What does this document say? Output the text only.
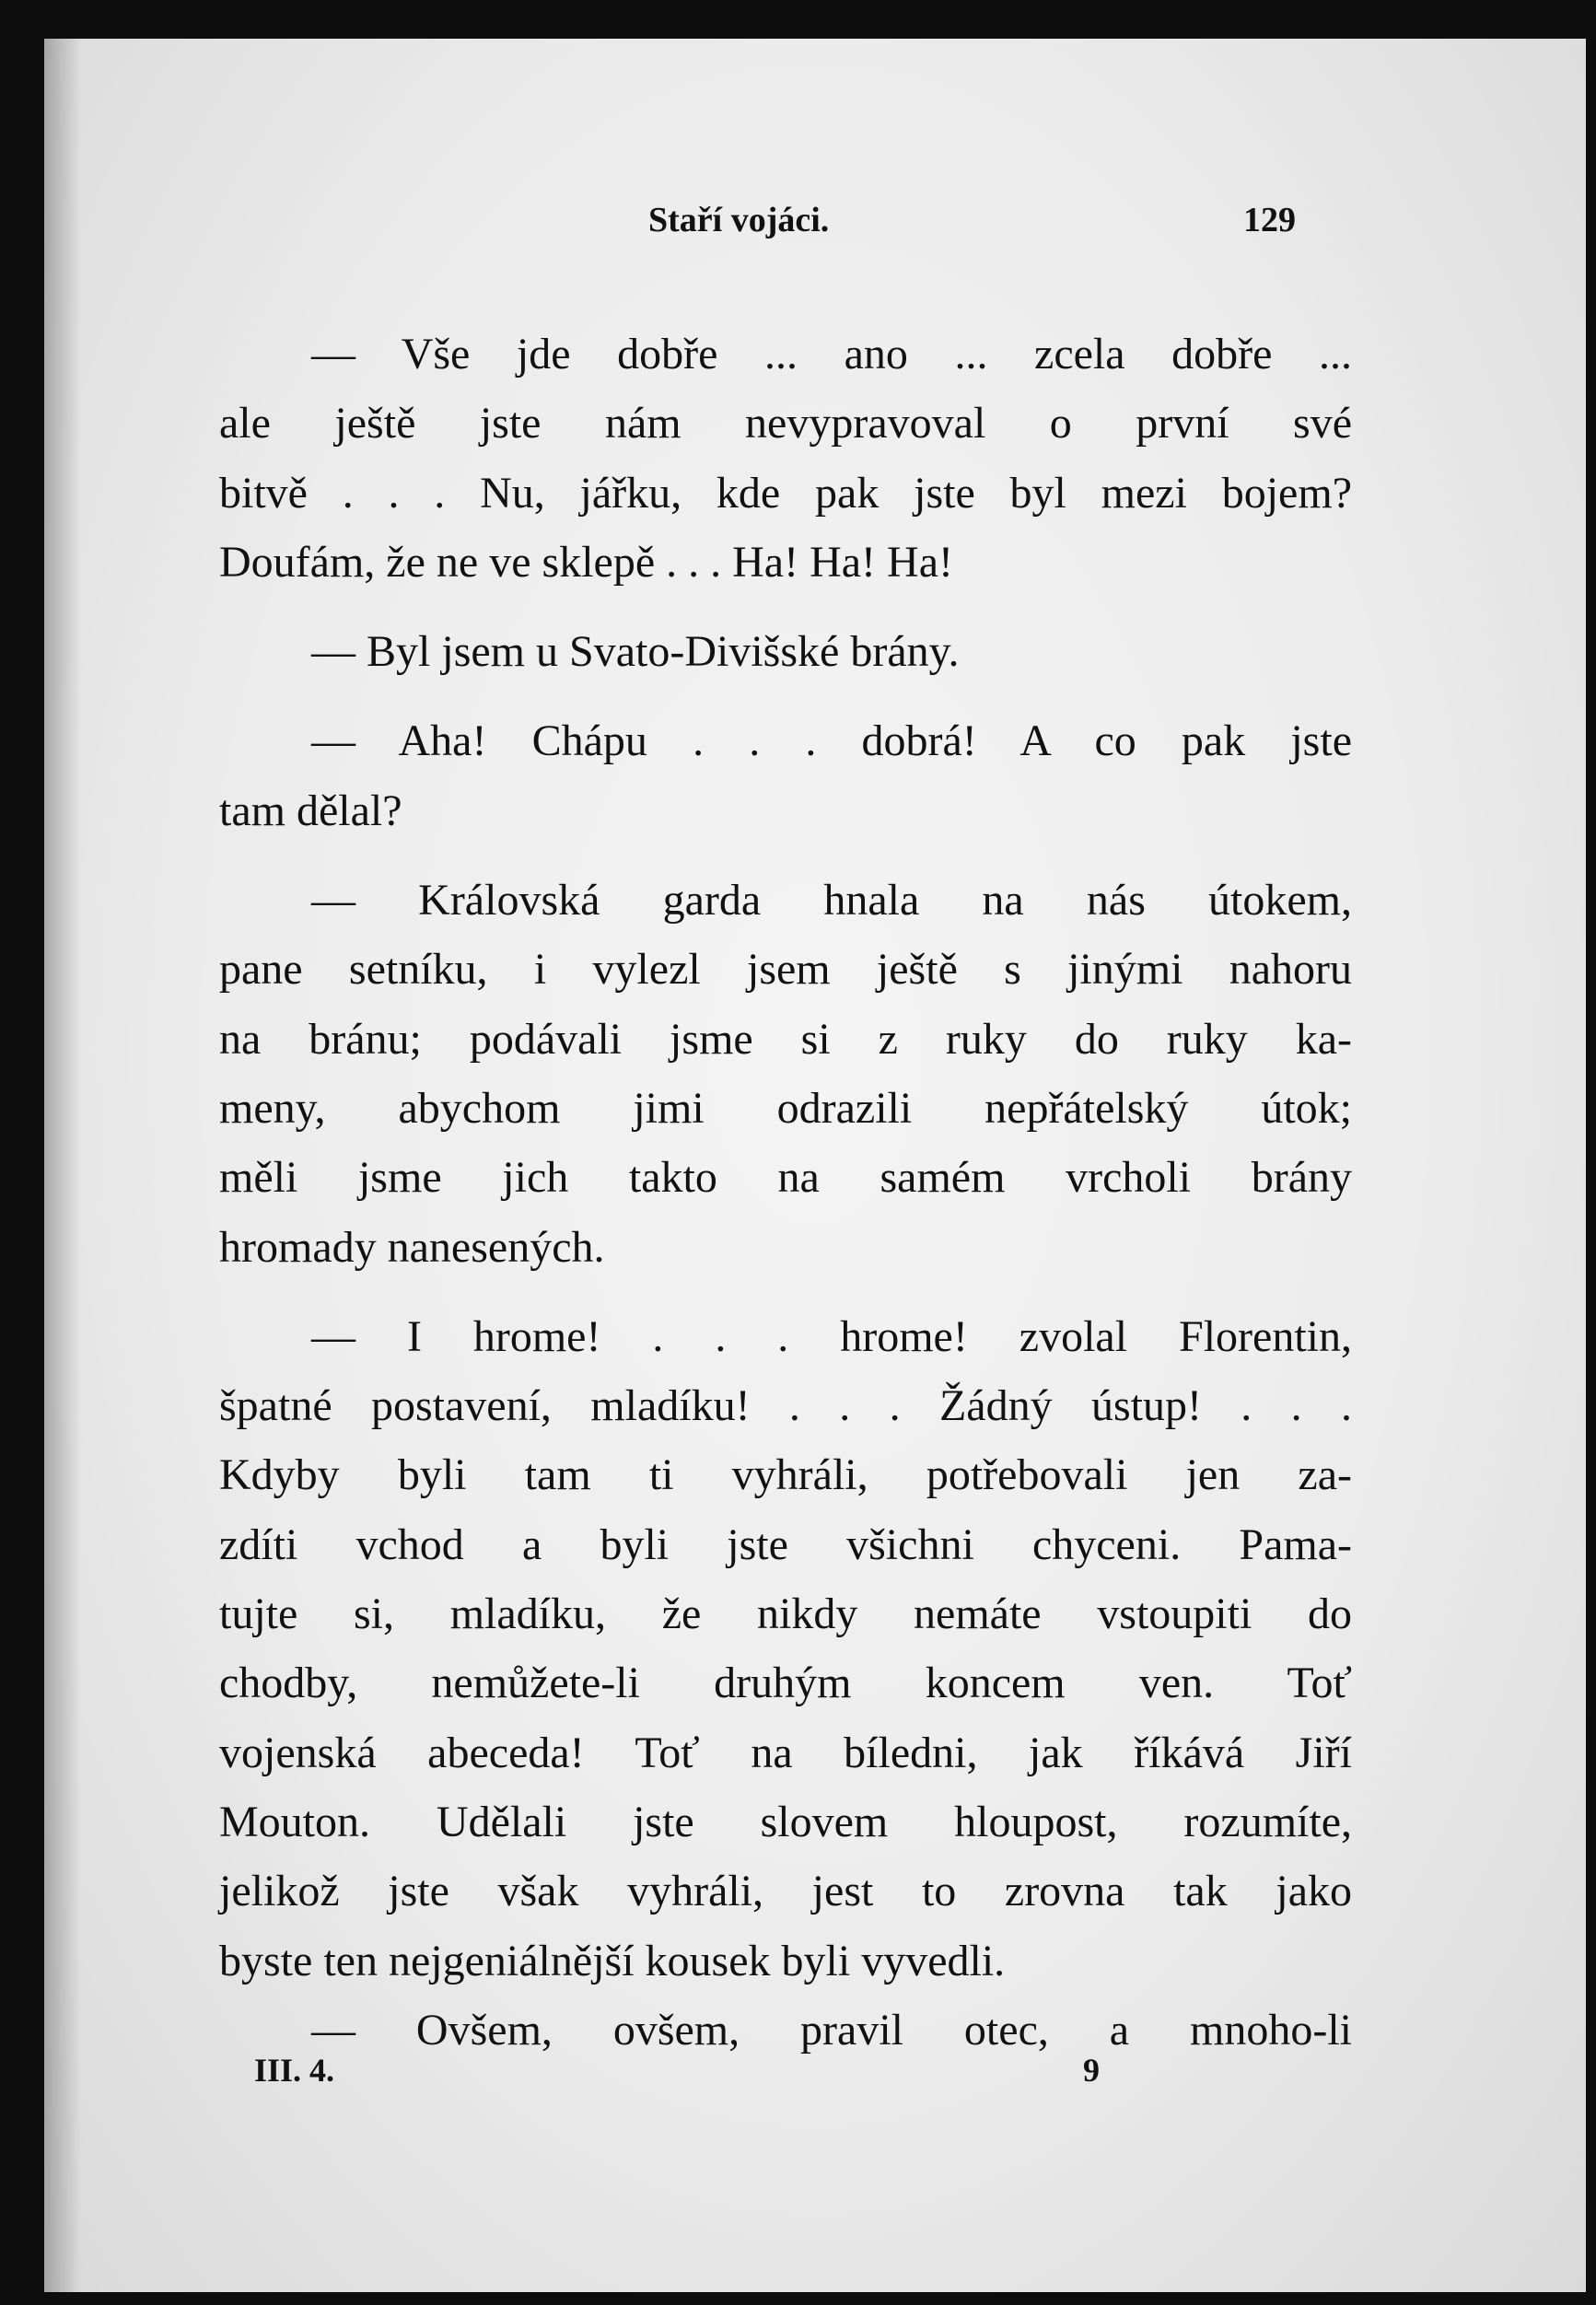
Staří vojáci.	129
— Vše jde dobře ... ano ... zcela dobře ...
ale ještě jste nám nevypravoval o první své
bitvě . . . Nu, jářku, kde pak jste byl mezi bojem?
Doufám, že ne ve sklepě . . . Ha! Ha! Ha!
— Byl jsem u Svato-Divišské brány.
— Aha! Chápu . . . dobrá! A co pak jste
tam dělal?
— Královská garda hnala na nás útokem,
pane setníku, i vylezl jsem ještě s jinými nahoru
na bránu; podávali jsme si z ruky do ruky ka-
meny, abychom jimi odrazili nepřátelský útok;
měli jsme jich takto na samém vrcholi brány
hromady nanesených.
— I hrome! . . . hrome! zvolal Florentin,
špatné postavení, mladíku! . . . Žádný ústup! . . .
Kdyby byli tam ti vyhráli, potřebovali jen za-
zdíti vchod a byli jste všichni chyceni. Pama-
tujte si, mladíku, že nikdy nemáte vstoupiti do
chodby, nemůžete-li druhým koncem ven. Toť
vojenská abeceda! Toť na bíledni, jak říkává Jiří
Mouton. Udělali jste slovem hloupost, rozumíte,
jelikož jste však vyhráli, jest to zrovna tak jako
byste ten nejgeniálnější kousek byli vyvedli.
— Ovšem, ovšem, pravil otec, a mnoho-li
III. 4.	9
